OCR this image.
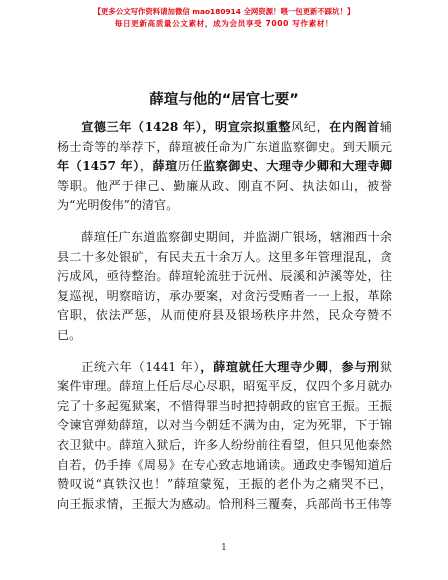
【更多公文写作资料请加微信 mao180914 全网资源！喂一包更新不踩坑！】
每日更新高质量公文素材，成为会员享受 7000 写作素材！
薛瑄与他的“居官七要”
宣德三年（1428 年），明宣宗拟重整风纪，在内阁首辅
杨士奇等的举荐下，薛瑄被任命为广东道监察御史。到天顺元
年（1457 年），薛瑄历任监察御史、大理寺少卿和大理寺卿
等职。他严于律己、勤廉从政、刚直不阿、执法如山，被誉
为“光明俊伟”的清官。
薛瑄任广东道监察御史期间，并监湖广银场，辖湘西十余
县二十多处银矿，有民夫五十余万人。这里多年管理混乱，贪
污成风，亟待整治。薛瑄轮流驻于沅州、辰溪和泸溪等处，往
复巡视，明察暗访，承办要案，对贪污受贿者一一上报，革除
官职，依法严惩，从而使府县及银场秩序井然，民众夸赞不
已。
正统六年（1441 年），薛瑄就任大理寺少卿，参与刑狱
案件审理。薛瑄上任后尽心尽职，昭冤平反，仅四个多月就办
完了十多起冤狱案，不惜得罪当时把持朝政的宦官王振。王振
令谏官弹劾薛瑄，以对当今朝廷不满为由，定为死罪，下于锦
衣卫狱中。薛瑄入狱后，许多人纷纷前往看望，但只见他泰然
自若，仍手捧《周易》在专心致志地诵读。通政史李锡知道后
赞叹说“真铁汉也！”薛瑄蒙冤，王振的老仆为之痛哭不已，
向王振求情，王振大为感动。恰刑科三覆奏，兵部尚书王伟等
1
